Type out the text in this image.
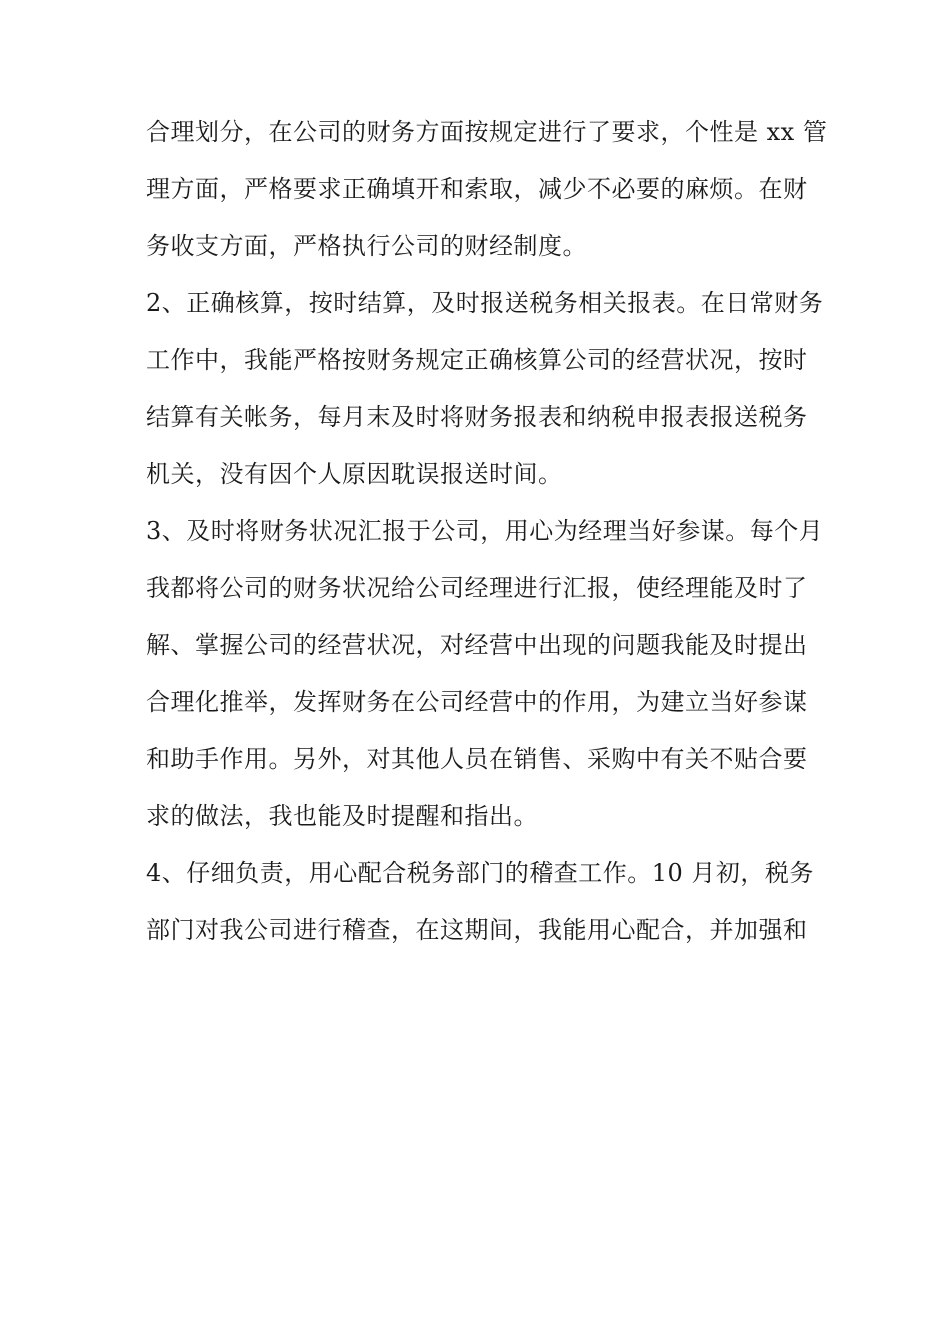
合理划分，在公司的财务方面按规定进行了要求，个性是 xx 管
理方面，严格要求正确填开和索取，减少不必要的麻烦。在财
务收支方面，严格执行公司的财经制度。
2、正确核算，按时结算，及时报送税务相关报表。在日常财务
工作中，我能严格按财务规定正确核算公司的经营状况，按时
结算有关帐务，每月末及时将财务报表和纳税申报表报送税务
机关，没有因个人原因耽误报送时间。
3、及时将财务状况汇报于公司，用心为经理当好参谋。每个月
我都将公司的财务状况给公司经理进行汇报，使经理能及时了
解、掌握公司的经营状况，对经营中出现的问题我能及时提出
合理化推举，发挥财务在公司经营中的作用，为建立当好参谋
和助手作用。另外，对其他人员在销售、采购中有关不贴合要
求的做法，我也能及时提醒和指出。
4、仔细负责，用心配合税务部门的稽查工作。10 月初，税务
部门对我公司进行稽查，在这期间，我能用心配合，并加强和
